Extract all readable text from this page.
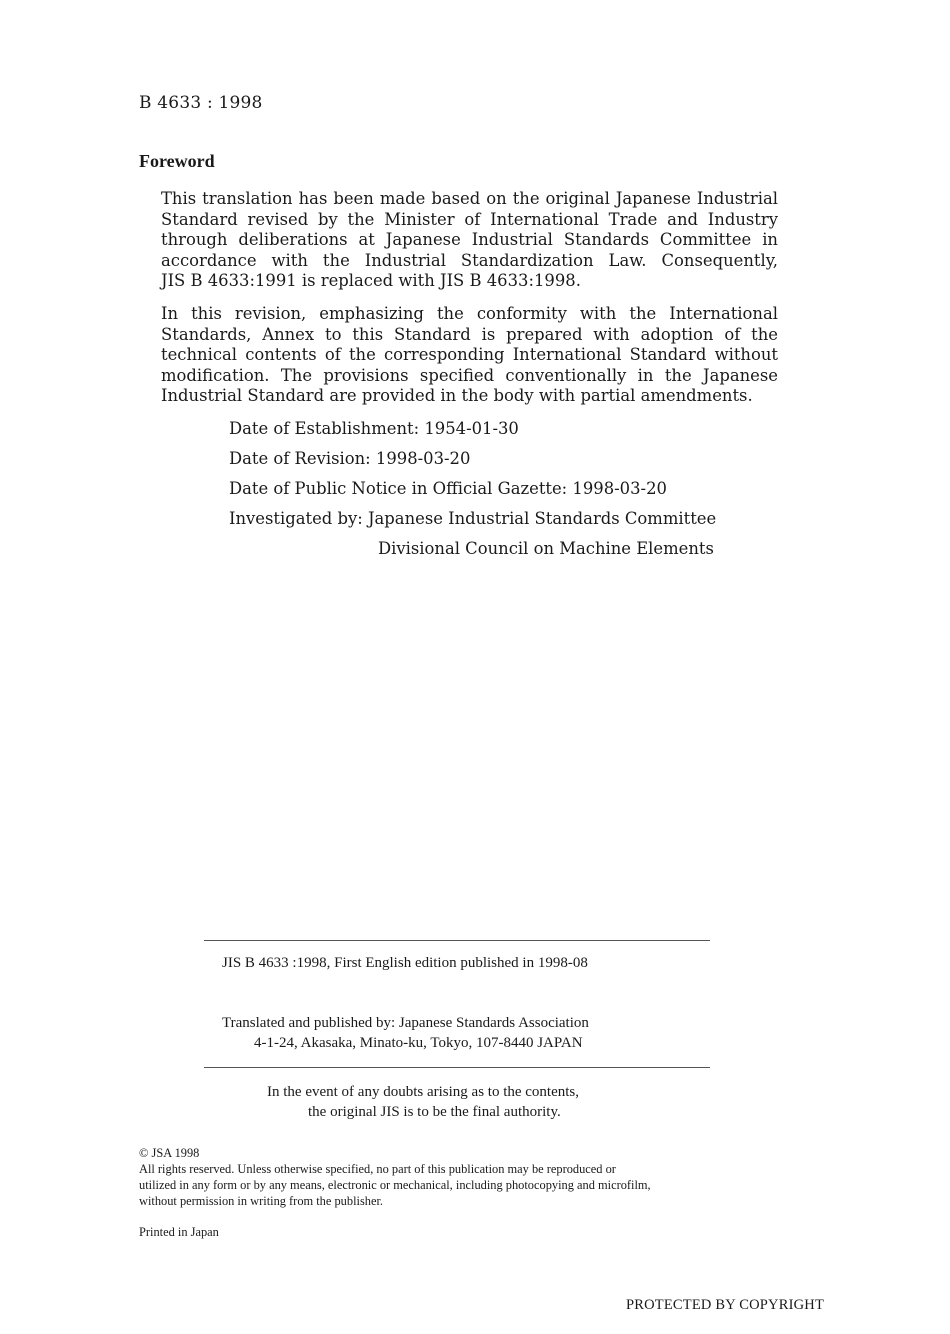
B 4633 : 1998
Foreword
This translation has been made based on the original Japanese Industrial
Standard revised by the Minister of International Trade and Industry
through deliberations at Japanese Industrial Standards Committee in
accordance with the Industrial Standardization Law. Consequently,
JIS B 4633:1991 is replaced with JIS B 4633:1998.
In this revision, emphasizing the conformity with the International
Standards, Annex to this Standard is prepared with adoption of the
technical contents of the corresponding International Standard without
modification. The provisions specified conventionally in the Japanese
Industrial Standard are provided in the body with partial amendments.
Date of Establishment: 1954-01-30
Date of Revision: 1998-03-20
Date of Public Notice in Official Gazette: 1998-03-20
Investigated by: Japanese Industrial Standards Committee
Divisional Council on Machine Elements
JIS B 4633 :1998, First English edition published in 1998-08
Translated and published by: Japanese Standards Association
4-1-24, Akasaka, Minato-ku, Tokyo, 107-8440 JAPAN
In the event of any doubts arising as to the contents,
the original JIS is to be the final authority.
© JSA 1998
All rights reserved. Unless otherwise specified, no part of this publication may be reproduced or
utilized in any form or by any means, electronic or mechanical, including photocopying and microfilm,
without permission in writing from the publisher.
Printed in Japan
PROTECTED BY COPYRIGHT
